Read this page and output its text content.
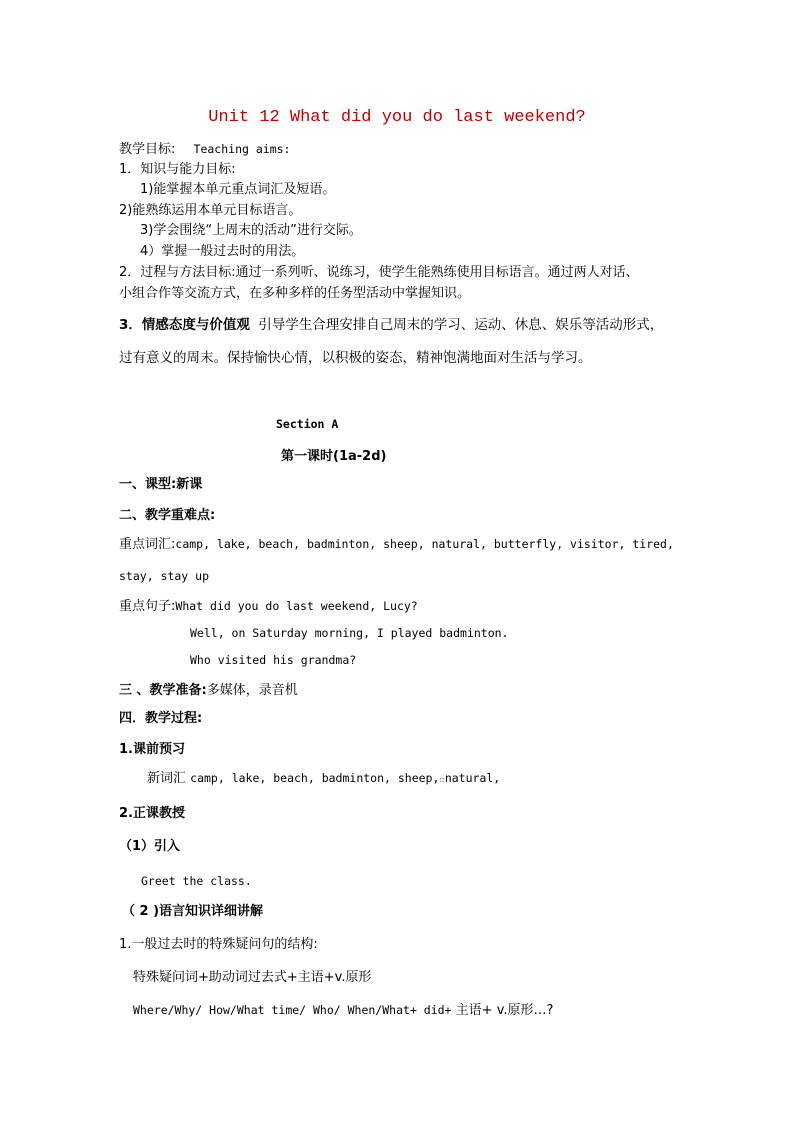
Unit 12 What did you do last weekend?
教学目标: Teaching aims:
1．知识与能力目标:
1)能掌握本单元重点词汇及短语。
2)能熟练运用本单元目标语言。
3)学会围绕“上周末的活动”进行交际。
4）掌握一般过去时的用法。
2．过程与方法目标:通过一系列听、说练习，使学生能熟练使用目标语言。通过两人对话、
小组合作等交流方式，在多种多样的任务型活动中掌握知识。
3．情感态度与价值观 引导学生合理安排自己周末的学习、运动、休息、娱乐等活动形式，
过有意义的周末。保持愉快心情，以积极的姿态，精神饱满地面对生活与学习。
Section A
第一课时(1a-2d)
一、课型:新课
二、教学重难点:
重点词汇:camp, lake, beach, badminton, sheep, natural, butterfly, visitor, tired,
stay, stay up
重点句子:What did you do last weekend, Lucy?
Well, on Saturday morning, I played badminton.
Who visited his grandma?
三 、教学准备:多媒体，录音机
四．教学过程:
1.课前预习
新词汇 camp, lake, beach, badminton, sheep,▫natural,
2.正课教授
（1）引入
Greet the class.
（ 2 )语言知识详细讲解
1.一般过去时的特殊疑问句的结构:
特殊疑问词+助动词过去式+主语+v.原形
Where/Why/ How/What time/ Who/ When/What+ did+ 主语+ v.原形…?
